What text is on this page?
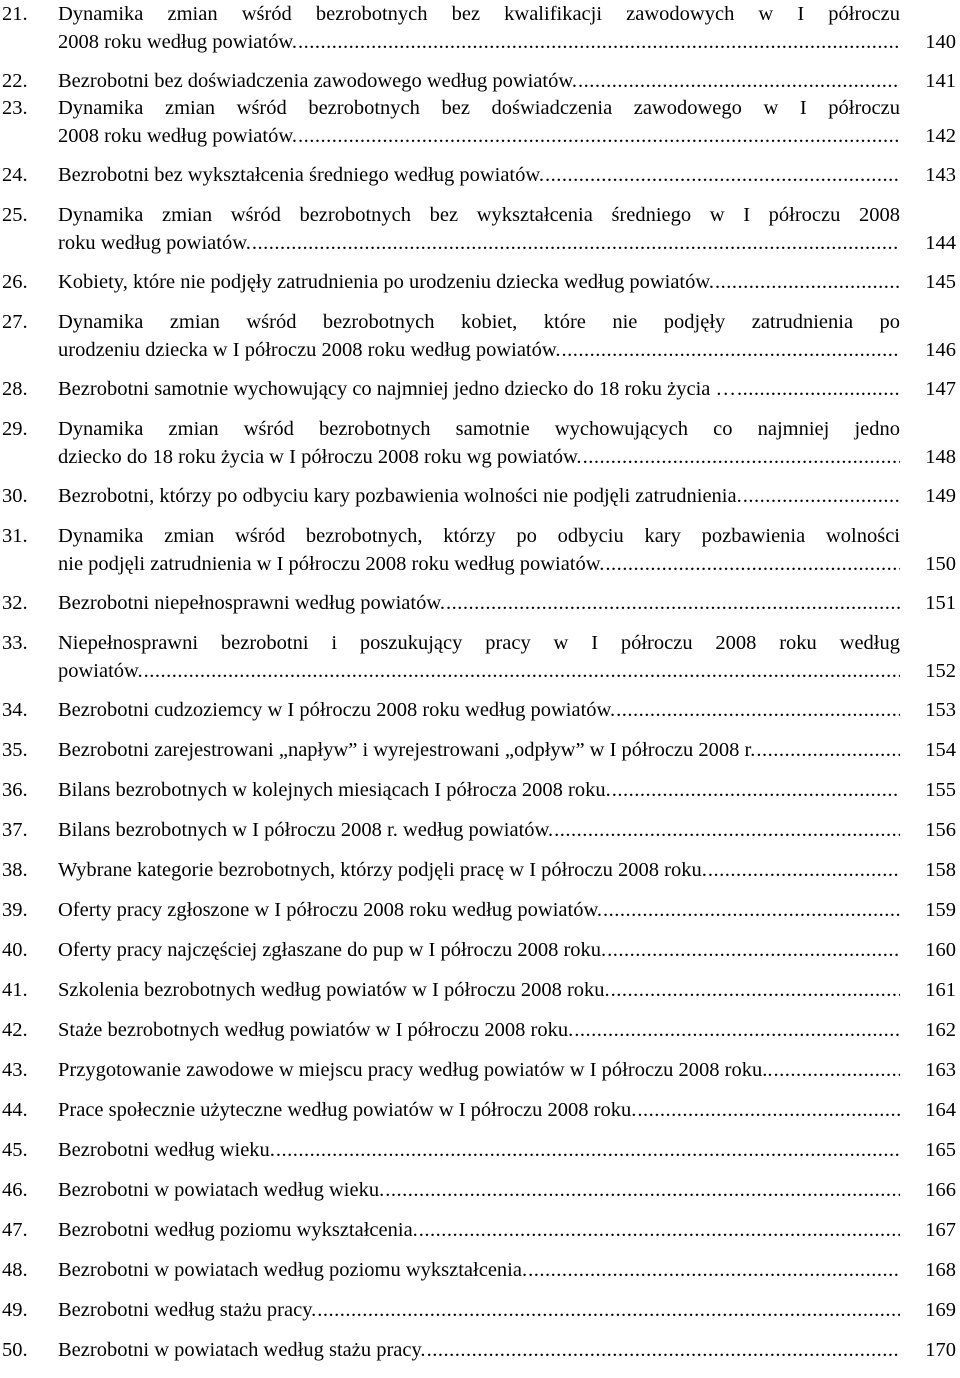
21. Dynamika zmian wśród bezrobotnych bez kwalifikacji zawodowych w I półroczu
2008 roku według powiatów. .....	140
22. Bezrobotni bez doświadczenia zawodowego według powiatów. .....	141
23. Dynamika zmian wśród bezrobotnych bez doświadczenia zawodowego w I półroczu
2008 roku według powiatów. .....	142
24. Bezrobotni bez wykształcenia średniego według powiatów. .....	143
25. Dynamika zmian wśród bezrobotnych bez wykształcenia średniego w I półroczu 2008
roku według powiatów. .....	144
26. Kobiety, które nie podjęły zatrudnienia po urodzeniu dziecka według powiatów. .....	145
27. Dynamika zmian wśród bezrobotnych kobiet, które nie podjęły zatrudnienia po
urodzeniu dziecka w I półroczu 2008 roku według powiatów. .....	146
28. Bezrobotni samotnie wychowujący co najmniej jedno dziecko do 18 roku życia … .....	147
29. Dynamika zmian wśród bezrobotnych samotnie wychowujących co najmniej jedno
dziecko do 18 roku życia w I półroczu 2008 roku wg powiatów. .....	148
30. Bezrobotni, którzy po odbyciu kary pozbawienia wolności nie podjęli zatrudnienia. .....	149
31. Dynamika zmian wśród bezrobotnych, którzy po odbyciu kary pozbawienia wolności
nie podjęli zatrudnienia w I półroczu 2008 roku według powiatów. .....	150
32. Bezrobotni niepełnosprawni według powiatów. .....	151
33. Niepełnosprawni bezrobotni i poszukujący pracy w I półroczu 2008 roku według
powiatów. .....	152
34. Bezrobotni cudzoziemcy w I półroczu 2008 roku według powiatów. .....	153
35. Bezrobotni zarejestrowani „napływ” i wyrejestrowani „odpływ” w I półroczu 2008 r. .....	154
36. Bilans bezrobotnych w kolejnych miesiącach I półrocza 2008 roku. .....	155
37. Bilans bezrobotnych w I półroczu 2008 r. według powiatów. .....	156
38. Wybrane kategorie bezrobotnych, którzy podjęli pracę w I półroczu 2008 roku. .....	158
39. Oferty pracy zgłoszone w I półroczu 2008 roku według powiatów. .....	159
40. Oferty pracy najczęściej zgłaszane do pup w I półroczu 2008 roku. .....	160
41. Szkolenia bezrobotnych według powiatów w I półroczu 2008 roku. .....	161
42. Staże bezrobotnych według powiatów w I półroczu 2008 roku. .....	162
43. Przygotowanie zawodowe w miejscu pracy według powiatów w I półroczu 2008 roku.. .....	163
44. Prace społecznie użyteczne według powiatów w I półroczu 2008 roku. .....	164
45. Bezrobotni według wieku. .....	165
46. Bezrobotni w powiatach według wieku. .....	166
47. Bezrobotni według poziomu wykształcenia. .....	167
48. Bezrobotni w powiatach według poziomu wykształcenia. .....	168
49. Bezrobotni według stażu pracy. .....	169
50. Bezrobotni w powiatach według stażu pracy. .....	170
